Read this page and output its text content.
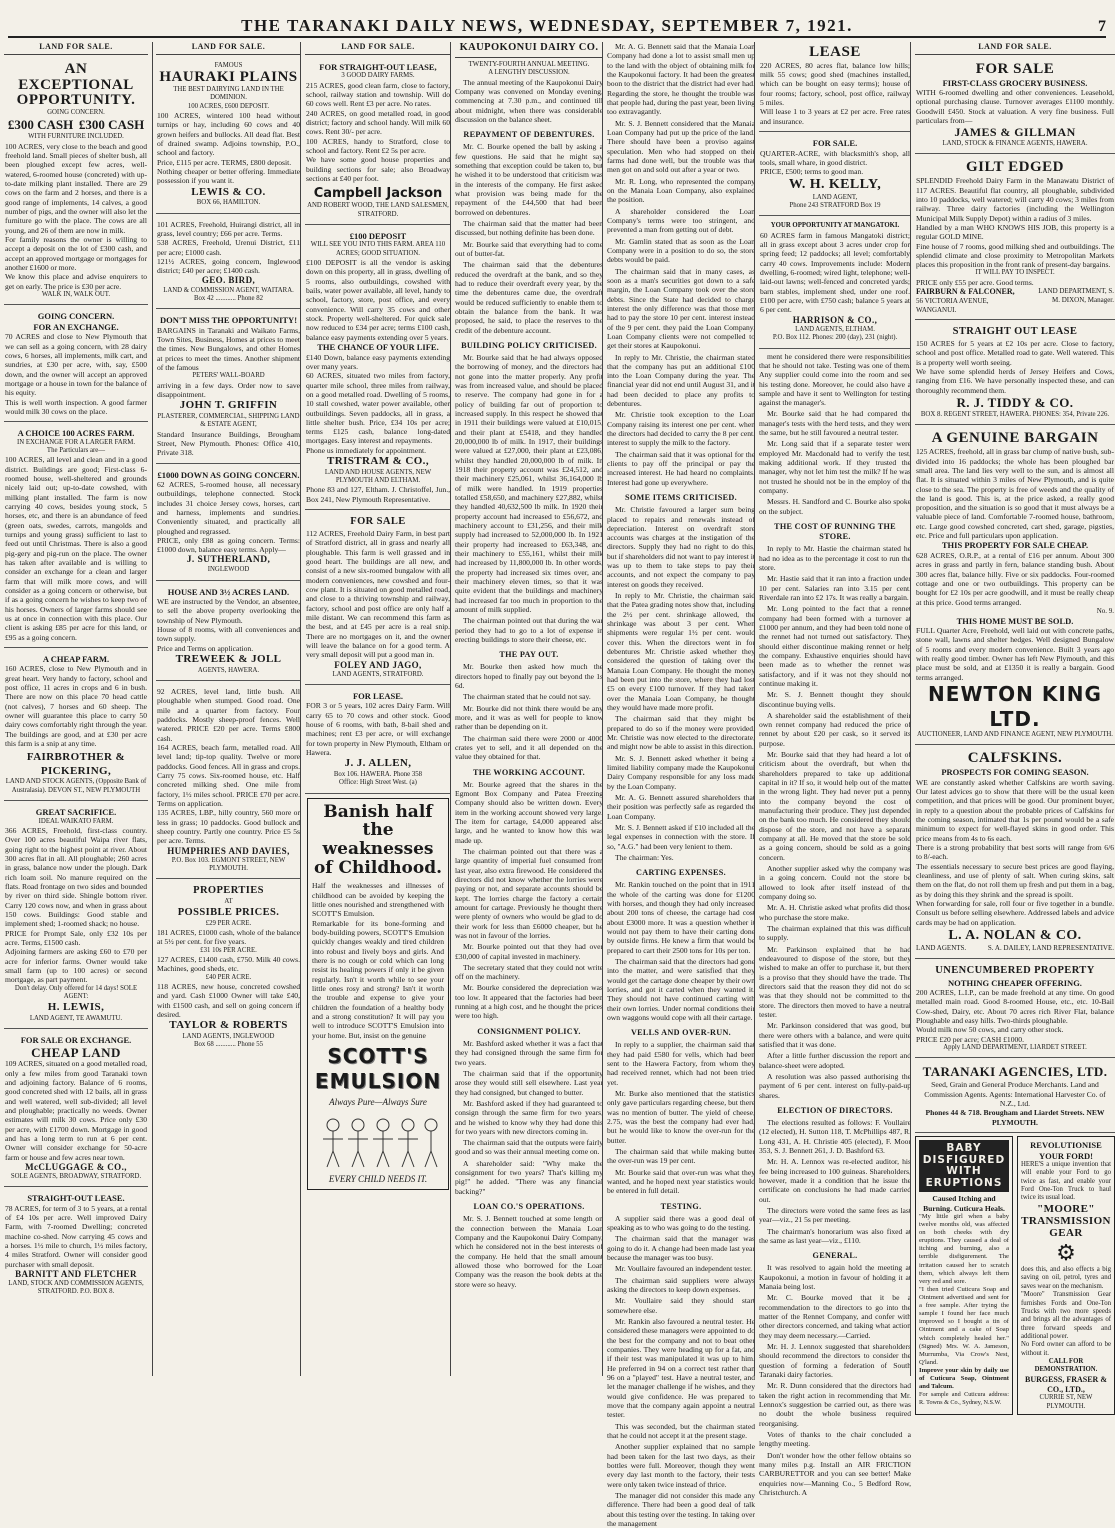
THE TARANAKI DAILY NEWS, WEDNESDAY, SEPTEMBER 7, 1921.	7
LAND FOR SALE.
AN EXCEPTIONAL OPPORTUNITY.
GOING CONCERN.
£300 CASH £300 CASH
WITH FURNITURE INCLUDED.
100 ACRES, very close to the beach and good freehold land. Small pieces of shelter bush, all been ploughed except few acres, well-watered, 6-roomed house (concreted) with up-to-date milking plant installed. There are 29 cows on the farm and 2 horses, and there is a good range of implements, 14 calves, a good number of pigs, and the owner will also let the furniture go with the place. The cows are all young, and 26 of them are now in milk.
For family reasons the owner is willing to accept a deposit on the lot of £300 cash, and accept an approved mortgage or mortgages for another £1600 or more.
We know this place and advise enquirers to get on early. The price is £30 per acre.
WALK IN, WALK OUT.
GOING CONCERN.
FOR AN EXCHANGE.
70 ACRES and close to New Plymouth that we can sell as a going concern, with 28 dairy cows, 6 horses, all implements, milk cart, and sundries, at £30 per acre, with, say, £500 down, and the owner will accept an approved mortgage or a house in town for the balance of his equity.
This is well worth inspection. A good farmer would milk 30 cows on the place.
A CHOICE 100 ACRES FARM.
IN EXCHANGE FOR A LARGER FARM.
The Particulars are—
100 ACRES, all level and clean and in a good district. Buildings are good; First-class 6-roomed house, well-sheltered and grounds nicely laid out; up-to-date cowshed, with milking plant installed. The farm is now carrying 40 cows, besides young stock, 5 horses, etc, and there is an abundance of feed (green oats, swedes, carrots, mangolds and turnips and young grass) sufficient to last to feed out until Christmas. There is also a good pig-gery and pig-run on the place. The owner has taken after available and is willing to consider an exchange for a clean and larger farm that will milk more cows, and will consider as a going concern or otherwise, but if as a going concern he wishes to keep two of his horses. Owners of larger farms should see us at once in connection with this place. Our client is asking £85 per acre for this land, or £95 as a going concern.
A CHEAP FARM.
160 ACRES, close to New Plymouth and in great heart. Very handy to factory, school and post office, 11 acres in crops and 6 in bush. There are now on this place 70 head cattle (not calves), 7 horses and 60 sheep. The owner will guarantee this place to carry 50 dairy cows comfortably right through the year. The buildings are good, and at £30 per acre this farm is a snip at any time.
FAIRBROTHER & PICKERING,
LAND AND STOCK AGENTS, (Opposite Bank of Australasia). DEVON ST., NEW PLYMOUTH
GREAT SACRIFICE.
IDEAL WAIKATO FARM.
366 ACRES, Freehold, first-class country. Over 100 acres beautiful Waipa river flats, going right to the highest point at river. About 300 acres flat in all. All ploughable; 260 acres in grass, balance now under the plough. Dark rich loam soil. No manure required on the flats. Road frontage on two sides and bounded by river on third side. Shingle bottom river. Carry 120 cows now, and when in grass about 150 cows. Buildings: Good stable and implement shed; 1-roomed shack; no house.
PRICE for Prompt Sale, only £32 10s per acre. Terms, £1500 cash.
Adjoining farmers are asking £60 to £70 per acre for inferior farms. Owner would take small farm (up to 100 acres) or second mortgage, as part payment.
Don't delay. Only offered for 14 days! SOLE AGENT:
H. LEWIS,
LAND AGENT, TE AWAMUTU.
FOR SALE OR EXCHANGE.
CHEAP LAND
109 ACRES, situated on a good metalled road, only a few miles from good Taranaki town and adjoining factory. Balance of 6 rooms, good concreted shed with 12 bails, all in grass and well watered, well sub-divided; all level and ploughable; practically no weeds. Owner estimates will milk 30 cows. Price only £30 per acre, with £1700 down. Mortgage in good and has a long term to run at 6 per cent. Owner will consider exchange for 50-acre farm or house and few acres near town.
McCLUGGAGE & CO.,
SOLE AGENTS, BROADWAY, STRATFORD.
STRAIGHT-OUT LEASE.
78 ACRES, for term of 3 to 5 years, at a rental of £4 10s per acre. Well improved Dairy Farm, with 7-roomed Dwelling; concreted machine co-shed. Now carrying 45 cows and a horses. 1½ mile to church, 1½ miles factory, 4 miles Stratford. Owner will consider good purchaser with small deposit.
BARNITT AND FLETCHER
LAND, STOCK AND COMMISSION AGENTS, STRATFORD. P.O. BOX 8.
LAND FOR SALE.
FAMOUS
HAURAKI PLAINS
THE BEST DAIRYING LAND IN THE DOMINION.
100 ACRES, £600 DEPOSIT.
100 ACRES, wintered 100 head without turnips or hay, including 60 cows and 40 grown heifers and bullocks. All dead flat. Best of drained swamp. Adjoins township, P.O., school and factory.
Price, £115 per acre. TERMS, £800 deposit.
Nothing cheaper or better offering. Immediate possession if you want it.
LEWIS & CO.
BOX 66, HAMILTON.
101 ACRES, Freehold, Huirangi district, all in grass, level country; £66 per acre. Terms.
538 ACRES, Freehold, Urenui District, £11 per acre; £1000 cash.
121½ ACRES, going concern, Inglewood district; £40 per acre; £1400 cash.
GEO. BIRD,
LAND & COMMISSION AGENT, WAITARA.
Box 42 ............ Phone 82
DON'T MISS THE OPPORTUNITY!
BARGAINS in Taranaki and Waikato Farms, Town Sites, Business, Homes at prices to meet the times. New Bungalows, and other Homes at prices to meet the times. Another shipment of the famous
PETERS' WALL-BOARD
arriving in a few days. Order now to save disappointment.
JOHN T. GRIFFIN
PLASTERER, COMMERCIAL, SHIPPING LAND & ESTATE AGENT,
Standard Insurance Buildings, Brougham Street, New Plymouth. Phones: Office 410, Private 318.
£1000 DOWN AS GOING CONCERN.
62 ACRES, 5-roomed house, all necessary outbuildings, telephone connected. Stock includes 31 choice Jersey cows, horses, cart and harness, implements and sundries. Conveniently situated, and practically all ploughed and regrassed.
PRICE, only £88 as going concern. Terms: £1000 down, balance easy terms. Apply—
J. SUTHERLAND,
INGLEWOOD
HOUSE AND 3½ ACRES LAND.
WE are instructed by the Vendor, an absentee, to sell the above property overlooking the township of New Plymouth.
House of 8 rooms, with all conveniences and town supply.
Price and Terms on application.
TREWEEK & JOLL
AGENTS, HAWERA.
92 ACRES, level land, little bush. All ploughable when stumped. Good road. One mile and a quarter from factory. Four paddocks. Mostly sheep-proof fences. Well watered. PRICE £20 per acre. Terms £800 cash.
164 ACRES, beach farm, metalled road. All level land; tip-top quality. Twelve or more paddocks. Good fences. All in grass and crops. Carry 75 cows. Six-roomed house, etc. Half concreted milking shed. One mile from factory, 1½ miles school. PRICE £70 per acre. Terms on application.
135 ACRES, LBP., hilly country, 560 more or less in grass; 10 paddocks. Good bullock and sheep country. Partly one country. Price £5 5s per acre. Terms.
HUMPHRIES AND DAVIES,
P.O. Box 103. EGMONT STREET, NEW PLYMOUTH.
PROPERTIES
AT
POSSIBLE PRICES.
£29 PER ACRE.
181 ACRES, £1000 cash, whole of the balance at 5½ per cent. for five years.
£31 10s PER ACRE.
127 ACRES, £1400 cash, £750. Milk 40 cows. Machines, good sheds, etc.
£40 PER ACRE.
118 ACRES, new house, concreted cowshed and yard. Cash £1000 Owner will take £40, with £1500 cash, and sell on going concern if desired.
TAYLOR & ROBERTS
LAND AGENTS, INGLEWOOD
Box 68 ............ Phone 55
LAND FOR SALE.
FOR STRAIGHT-OUT LEASE,
3 GOOD DAIRY FARMS.
215 ACRES, good clean farm, close to factory, school, railway station and township. Will do 60 cows well. Rent £3 per acre. No rates.
240 ACRES, on good metalled road, in good district; factory and school handy. Will milk 60 cows. Rent 30/- per acre.
100 ACRES, handy to Stratford, close to school and factory. Rent £2 5s per acre.
We have some good house properties and building sections for sale; also Broadway sections at £40 per foot.
Campbell Jackson
AND ROBERT WOOD, THE LAND SALESMEN, STRATFORD.
£100 DEPOSIT
WILL SEE YOU INTO THIS FARM. AREA 110 ACRES; GOOD SITUATION.
£100 DEPOSIT is all the vendor is asking down on this property, all in grass, dwelling of 5 rooms, also outbuildings, cowshed with bails, water power available, all level, handy to school, factory, store, post office, and every convenience. Will carry 35 cows and other stock. Property well-sheltered. For quick sale now reduced to £34 per acre; terms £100 cash, balance easy payments extending over 5 years.
THE CHANCE OF YOUR LIFE.
£140 Down, balance easy payments extending over many years.
60 ACRES, situated two miles from factory, quarter mile school, three miles from railway, on a good metalled road. Dwelling of 5 rooms, 10 stall cowshed, water power available, other outbuildings. Seven paddocks, all in grass, a little shelter bush. Price, £34 10s per acre; terms £125 cash, balance long-dated mortgages. Easy interest and repayments.
Phone us immediately for appointment.
TRISTRAM & CO.,
LAND AND HOUSE AGENTS, NEW PLYMOUTH AND ELTHAM.
Phone 83 and 127, Eltham. J. Christoffel, Jun., Box 241, New Plymouth Representative.
FOR SALE
112 ACRES, Freehold Dairy Farm, in best part of Stratford district, all in grass and nearly all ploughable. This farm is well grassed and in good heart. The buildings are all new, and consist of a new six-roomed bungalow with all modern conveniences, new cowshed and four-cow plant. It is situated on good metalled road, and close to a thriving township and railway, factory, school and post office are only half a mile distant. We can recommend this farm as the best, and at £45 per acre is a real snip. There are no mortgages on it, and the owner will leave the balance on for a good term. A very small deposit will put a good man in.
FOLEY AND JAGO,
LAND AGENTS, STRATFORD.
FOR LEASE.
FOR 3 or 5 years, 102 acres Dairy Farm. Will carry 65 to 70 cows and other stock. Good house of 6 rooms, with bath, 8-bail shed and machines; rent £3 per acre, or will exchange for town property in New Plymouth, Eltham or Hawera.
J. J. ALLEN,
Box 106. HAWERA. Phone 358
Office: High Street West. (a)
Banish half the weaknesses of Childhood.
Half the weaknesses and illnesses of childhood can be avoided by keeping the little ones nourished and strengthened with SCOTT'S Emulsion.
Remarkable for its bone-forming and body-building powers, SCOTT'S Emulsion quickly changes weakly and tired children into robust and lively boys and girls. And there is no cough or cold which can long resist its healing powers if only it be given regularly. Isn't it worth while to see your little ones rosy and strong? Isn't it worth the trouble and expense to give your children the foundation of a healthy body and a strong constitution? It will pay you well to introduce SCOTT'S Emulsion into your home. But, insist on the genuine
SCOTT'S EMULSION
Always Pure—Always Sure
EVERY CHILD NEEDS IT.
KAUPOKONUI DAIRY CO.
TWENTY-FOURTH ANNUAL MEETING.
A LENGTHY DISCUSSION.

The annual meeting of the Kaupokonui Dairy Company was convened on Monday evening, commencing at 7.30 p.m., and continued till about midnight, when there was considerable discussion on the balance sheet.

REPAYMENT OF DEBENTURES.

Mr. C. Bourke opened the ball by asking a few questions. He said that he might say something that exception could be taken to, but he wished it to be understood that criticism was in the interests of the company. He first asked what provision was being made for the repayment of the £44,500 that had been borrowed on debentures.

The chairman said that the matter had been discussed, but nothing definite has been done.

Mr. Bourke said that everything had to come out of butter-fat.

The chairman said that the debentures reduced the overdraft at the bank, and so they had to reduce their overdraft every year, by the time the debentures came due, the overdraft would be reduced sufficiently to enable them to obtain the balance from the bank. It was proposed, he said, to place the reserves to the credit of the debenture account.

BUILDING POLICY CRITICISED.

Mr. Bourke said that he had always opposed the borrowing of money, and the directors had not gone into the matter properly. Any profit was from increased value, and should be placed to reserve. The company had gone in for a policy of building far out of proportion to increased supply. In this respect he showed that in 1911 their buildings were valued at £10,015, and their plant at £5418, and they handled 20,000,000 lb of milk. In 1917, their buildings were valued at £27,000, their plant at £23,086, whilst they handled 20,000,000 lb of milk. In 1918 their property account was £24,512, and their machinery £25,061, whilst 36,164,000 lb of milk were handled. In 1919 properties totalled £58,650, and machinery £27,882, whilst they handled 40,632,500 lb milk. In 1920 their property account had increased to £56,672, and machinery account to £31,256, and their milk supply had increased to 52,000,000 lb. In 1921 their property had increased to £63,348, and their machinery to £55,161, whilst their milk had increased by 11,800,000 lb. In other words, the property had increased six times over, and their machinery eleven times, so that it was quite evident that the buildings and machinery had increased far too much in proportion to the amount of milk supplied.

The chairman pointed out that during the war period they had to go to a lot of expense in erecting buildings to store their cheese, etc.

THE PAY OUT.

Mr. Bourke then asked how much the directors hoped to finally pay out beyond the 1s 6d.

The chairman stated that he could not say.

Mr. Bourke did not think there would be any more, and it was as well for people to know rather than be depending on it.

The chairman said there were 2000 or 4000 crates yet to sell, and it all depended on the value they obtained for that.

THE WORKING ACCOUNT.

Mr. Bourke agreed that the shares in the Egmont Box Company and Patea Freezing Company should also be written down. Every item in the working account showed very large. The item for cartage, £4,000 appeared also large, and he wanted to know how this was made up.

The chairman pointed out that there was a large quantity of imperial fuel consumed from last year, also extra firewood. He considered the directors did not know whether the lorries were paying or not, and separate accounts should be kept. The lorries charge the factory a certain amount for cartage. Previously he thought there were plenty of owners who would be glad to do their work for less than £6000 cheaper, but he was not in favour of the lorries.

Mr. Bourke pointed out that they had over £30,000 of capital invested in machinery.

The secretary stated that they could not write off on the machinery.

Mr. Bourke considered the depreciation was too low. It appeared that the factories had been running at a high cost, and he thought the prices were too high.

CONSIGNMENT POLICY.

Mr. Bashford asked whether it was a fact that they had consigned through the same firm for two years.

The chairman said that if the opportunity arose they would still sell elsewhere. Last year they had consigned, but changed to butter.

Mr. Bashford asked if they had guaranteed to consign through the same firm for two years, and he wished to know why they had done this for two years with new directors coming in.

The chairman said that the outputs were fairly good and so was their annual meeting come on.

A shareholder said: "Why make the consignment for two years? That's killing my pig!" he added. "There was any financial backing?"

LOAN CO.'S OPERATIONS.

Mr. S. J. Bennett touched at some length on the connection between the Manaia Loan Company and the Kaupokonui Dairy Company, which he considered not in the best interests of the company. He held that the small amount allowed those who borrowed for the Loan Company was the reason the book debts at the store were so heavy.

Mr. A. G. Bennett said that the Manaia Loan Company had done a lot to assist small men up to the land with the object of obtaining milk for the Kaupokonui factory. It had been the greatest boon to the district that the district had ever had. Regarding the store, he thought the trouble was that people had, during the past year, been living too extravagantly.

Mr. S. J. Bennett considered that the Manaia Loan Company had put up the price of the land. There should have been a proviso against speculation. Men who had stopped on their farms had done well, but the trouble was that men got on and sold out after a year or two.

Mr. R. Long, who represented the company on the Manaia Loan Company, also explained the position.

A shareholder considered the Loan Company's terms were too stringent, and prevented a man from getting out of debt.

Mr. Gamlin stated that as soon as the Loan Company were in a position to do so, the store debts would be paid.

The chairman said that in many cases, as soon as a man's securities got down to a safe margin, the Loan Company took over the store debts. Since the State had decided to charge interest the only difference was that those men had to pay the store 10 per cent. interest instead of the 9 per cent. they paid the Loan Company. Loan Company clients were not compelled to get their stores at Kaupokonui.

In reply to Mr. Christie, the chairman stated that the company has put an additional £100 into the Loan Company during the year. The financial year did not end until August 31, and it had been decided to place any profits to debentures.

Mr. Christie took exception to the Loan Company raising its interest one per cent. when the directors had decided to carry the 8 per cent. interest to supply the milk to the factory.

The chairman said that it was optional for the clients to pay off the principal or pay the increased interest. He had heard no complaints. Interest had gone up everywhere.

SOME ITEMS CRITICISED.

Mr. Christie favoured a larger sum being placed to repairs and renewals instead of depreciation. Interest on overdraft store accounts was charges at the instigation of the directors. Supply they had no right to do this, but if shareholders did not want to pay interest it was up to them to take steps to pay their accounts, and not expect the company to pay interest on goods they received.

In reply to Mr. Christie, the chairman said that the Patea grading notes show that, including the 2½ per cent. shrinkage allowed, the shrinkage was about 3 per cent. When shipments were regular 1½ per cent. would cover this. When the directors went in for debentures Mr. Christie asked whether they considered the question of taking over the Manaia Loan Company. He thought the money had been put into the store, where they had lost £5 on every £100 turnover. If they had taken over the Manaia Loan Company, he thought they would have made more profit.

The chairman said that they might be prepared to do so if the money were provided. Mr. Christie was now elected to the directorate, and might now be able to assist in this direction.

Mr. S. J. Bennett asked whether it being a limited liability company made the Kaupokonui Dairy Company responsible for any loss made by the Loan Company.

Mr. A. G. Bennett assured shareholders that their position was perfectly safe as regarded the Loan Company.

Mr. S. J. Bennett asked if £10 included all the legal expenses in connection with the store. If so, "A.G." had been very lenient to them.

The chairman: Yes.

CARTING EXPENSES.

Mr. Rankin touched on the point that in 1911 the whole of the carting was done for £1200 with horses, and though they had only increased about 200 tons of cheese, the cartage had cost about £3000 more. It was a question whether it would not pay them to have their carting done by outside firms. He knew a firm that would be prepared to cart their 2500 tons for 10s per ton.

The chairman said that the directors had gone into the matter, and were satisfied that they would get the cartage done cheaper by their own lorries, and got it carted when they wanted it. They should not have continued carting with their own lorries. Under normal conditions their own waggons would cope with all their cartage.

VELLS AND OVER-RUN.

In reply to a supplier, the chairman said that they had paid £580 for vells, which had been sent to the Hawera Factory, from whom they had received rennet, which had not been tried yet.

Mr. Burke also mentioned that the statistics only gave particulars regarding cheese, but there was no mention of butter. The yield of cheese, 2.75, was the best the company had ever had, but he would like to know the over-run for the butter.

The chairman said that while making butter the over-run was 19 per cent.

Mr. Bourke said that over-run was what they wanted, and he hoped next year statistics would be entered in full detail.

TESTING.

A supplier said there was a good deal of speaking as to who was going to do the testing.

The chairman said that the manager was going to do it. A change had been made last year because the manager was too busy.

Mr. Voullaire favoured an independent tester.

The chairman said suppliers were always asking the directors to keep down expenses.

Mr. Voullaire said they should start somewhere else.

Mr. Rankin also favoured a neutral tester. He considered these managers were appointed to do the best for the company and not to beat other companies. They were heading up for a fat, and if their test was manipulated it was up to him. He preferred in 94 on a correct test rather than 96 on a "played" test. Have a neutral tester, and let the manager challenge if he wishes, and they would give confidence. He was prepared to move that the company again appoint a neutral tester.

This was seconded, but the chairman stated that he could not accept it at the present stage.

Another supplier explained that no sample had been taken for the last two days, as their bottles were full. Moreover, though they went every day last month to the factory, their tests were only taken twice instead of thrice.

The manager did not consider this made any difference. There had been a good deal of talk about this testing over the testing. In taking over the management

LEASE
220 ACRES, 80 acres flat, balance low hills; milk 55 cows; good shed (machines installed, which can be bought on easy terms); house of four rooms; factory, school, post office, railway 5 miles.
Will lease 1 to 3 years at £2 per acre. Free rates and insurance.
FOR SALE.
QUARTER-ACRE, with blacksmith's shop, all tools, small whare, in good district.
PRICE, £500; terms to good man.
W. H. KELLY,
LAND AGENT,
Phone 243 STRATFORD Box 19
YOUR OPPORTUNITY AT MANGATOKI.
60 ACRES farm in famous Mangatoki district; all in grass except about 3 acres under crop for spring feed; 12 paddocks; all level; comfortably carry 40 cows. Improvements include: Modern dwelling, 6-roomed; wired light, telephone; well-laid-out lawns; well-fenced and concreted yards; barn stables, implement shed, under one roof. £100 per acre, with £750 cash; balance 5 years at 6 per cent.
HARRISON & CO.,
LAND AGENTS, ELTHAM.
P.O. Box 112. Phones: 200 (day), 231 (night).

ment he considered there were responsibilities that he should not take. Testing was one of them. Any supplier could come into the room and see his testing done. Moreover, he could also have a sample and have it sent to Wellington for testing against the manager's.

Mr. Bourke said that he had compared the manager's tests with the herd tests, and they were the same, but he still favoured a neutral tester.

Mr. Long said that if a separate tester were employed Mr. Macdonald had to verify the test, making additional work. If they trusted the manager, why not let him test the milk? If he was not trusted he should not be in the employ of the company.

Messrs. H. Sandford and C. Bourke also spoke on the subject.

THE COST OF RUNNING THE STORE.

In reply to Mr. Hastie the chairman stated he had no idea as to the percentage it cost to run the store.

Mr. Hastie said that it ran into a fraction under 10 per cent. Salaries ran into 3.15 per cent. Riverdale ran into £2 17s. It was really a bargain.

Mr. Long pointed to the fact that a rennet company had been formed with a turnover at £1000 per annum, and they had been told none of the rennet had not turned out satisfactory. They should either discontinue making rennet or help the company. Exhaustive enquiries should have been made as to whether the rennet was satisfactory, and if it was not they should not continue making it.

Mr. S. J. Bennett thought they should discontinue buying vells.

A shareholder said the establishment of their own rennet company had reduced the price of rennet by about £20 per cask, so it served its purpose.

Mr. Bourke said that they had heard a lot of criticism about the overdraft, but when the shareholders prepared to take up additional capital in it? If so, it would help out of the matter in the wrong light. They had never put a penny into the company beyond the cost of manufacturing their produce. They just depended on the bank too much. He considered they should dispose of the store, and not have a separate company at all. He moved that the store be sold as a going concern, should be sold as a going concern.

Another supplier asked why the company was in a going concern. Could not the store be allowed to look after itself instead of the company doing so.

Mr. A. H. Christie asked what profits did those who purchase the store make.

The chairman explained that this was difficult to supply.

Mr. Parkinson explained that he had endeavoured to dispose of the store, but they wished to make an offer to purchase it, but there is a proviso that they should have the trade. The directors said that the reason they did not do so was that they should not be committed to the store. The directors then moved to have a neutral tester.

Mr. Parkinson considered that was good, but there were others with a balance, and were quite satisfied that it was done.

After a little further discussion the report and balance-sheet were adopted.

A resolution was also passed authorising the payment of 6 per cent. interest on fully-paid-up shares.

ELECTION OF DIRECTORS.

The elections resulted as follows: F. Voullaire (12 elected), H. Sutton 118, T. McPhillips 487, R. Long 431, A. H. Christie 405 (elected), F. Moor 353, S. J. Bennett 261, J. D. Bashford 63.

Mr. H. A. Lennox was re-elected auditor, his fee being increased to 100 guineas. Shareholders, however, made it a condition that he issue the certificate on conclusions he had made carried out.

The directors were voted the same fees as last year—viz., 21 5s per meeting.

The chairman's honorarium was also fixed at the same as last year—viz., £110.

GENERAL.

It was resolved to again hold the meeting at Kaupokonui, a motion in favour of holding it at Manaia being lost.

Mr. C. Bourke moved that it be a recommendation to the directors to go into the matter of the Rennet Company, and confer with other directors concerned, and taking what action they may deem necessary.—Carried.

Mr. H. J. Lennox suggested that shareholders should recommend the directors to consider the question of forming a federation of South Taranaki dairy factories.

Mr. R. Dunn considered that the directors had taken the right action in recommending that Mr. Lennox's suggestion be carried out, as there was no doubt the whole business required reorganising.

Votes of thanks to the chair concluded a lengthy meeting.

Don't wonder how the other fellow obtains so many miles p.g. Install an AIR FRICTION CARBURETTOR and you can see better! Make enquiries now—Manning Co., 5 Bedford Row, Christchurch. A

LAND FOR SALE.
FOR SALE
FIRST-CLASS GROCERY BUSINESS.
WITH 6-roomed dwelling and other conveniences. Leasehold, optional purchasing clause. Turnover averages £1100 monthly. Goodwill £450. Stock at valuation. A very fine business. Full particulars from—
JAMES & GILLMAN
LAND, STOCK & FINANCE AGENTS, HAWERA.
GILT EDGED
SPLENDID Freehold Dairy Farm in the Manawatu District of 117 ACRES. Beautiful flat country, all ploughable, subdivided into 10 paddocks, well watered; will carry 40 cows; 3 miles from railway. Three dairy factories (including the Wellington Municipal Milk Supply Depot) within a radius of 3 miles.
Handled by a man WHO KNOWS HIS JOB, this property is a regular GOLD MINE.
Fine house of 7 rooms, good milking shed and outbuildings. The splendid climate and close proximity to Metropolitan Markets places this proposition in the front rank of present-day bargains.
IT WILL PAY TO INSPECT.
PRICE only £55 per acre. Good terms.
FAIRBURN & FALCONER,
56 VICTORIA AVENUE, WANGANUI.
LAND DEPARTMENT, S. M. DIXON, Manager.
STRAIGHT OUT LEASE
150 ACRES for 5 years at £2 10s per acre. Close to factory, school and post office. Metalled road to gate. Well watered. This is a property well worth seeing.
We have some splendid herds of Jersey Heifers and Cows, ranging from £16. We have personally inspected these, and can thoroughly recommend them.
R. J. TIDDY & CO.
BOX 8. REGENT STREET, HAWERA. PHONES: 354, Private 226.
A GENUINE BARGAIN
125 ACRES, freehold, all in grass bar clump of native bush, sub-divided into 16 paddocks; the whole has been ploughed bar small area. The land lies very well to the sun, and is almost all flat. It is situated within 3 miles of New Plymouth, and is quite close to the sea. The property is free of weeds and the quality of the land is good. This is, at the price asked, a really good proposition, and the situation is so good that it must always be a valuable piece of land. Comfortable 7-roomed house, bathroom, etc. Large good cowshed concreted, cart shed, garage, pigsties, etc. Price and full particulars upon application.
THIS PROPERTY FOR SALE CHEAP.
628 ACRES, O.R.P., at a rental of £16 per annum. About 300 acres in grass and partly in fern, balance standing bush. About 300 acres flat, balance hilly. Five or six paddocks. Four-roomed cottage and one or two outbuildings. This property can be bought for £2 10s per acre goodwill, and it must be really cheap at this price. Good terms arranged.
No. 9.
THIS HOME MUST BE SOLD.
FULL Quarter Acre, Freehold, well laid out with concrete paths, stone wall, lawns and shelter hedges. Well designed Bungalow of 5 rooms and every modern convenience. Built 3 years ago with really good timber. Owner has left New Plymouth, and this place must be sold, and at £1350 it is really a bargain. Good terms arranged.
NEWTON KING LTD.
AUCTIONEER, LAND AND FINANCE AGENT, NEW PLYMOUTH.
CALFSKINS.
PROSPECTS FOR COMING SEASON.
WE are constantly asked whether Calfskins are worth saving. Our latest advices go to show that there will be the usual keen competition, and that prices will be good. Our prominent buyer, in reply to a question about the probable prices of Calfskins for the coming season, intimated that 1s per pound would be a safe minimum to expect for well-flayed skins in good order. This price means from 4s to 6s each.
There is a strong probability that best sorts will range from 6/6 to 8/-each.
The essentials necessary to secure best prices are good flaying, cleanliness, and use of plenty of salt. When curing skins, salt them on the flat, do not roll them up fresh and put them in a bag, as by doing this they shrink and the spread is spoilt.
When forwarding for sale, roll four or five together in a bundle. Consult us before selling elsewhere. Addressed labels and advice cards may be had on application.
L. A. NOLAN & CO.
LAND AGENTS.	S. A. DAILEY, LAND REPRESENTATIVE.
UNENCUMBERED PROPERTY
NOTHING CHEAPER OFFERING.
200 ACRES, L.I.P., can be made freehold at any time. On good metalled main road. Good 8-roomed House, etc., etc. 10-Bail Cow-shed, Dairy, etc. About 70 acres rich River Flat, balance Ploughable and easy hills. Two-thirds ploughable.
Would milk now 50 cows, and carry other stock.
PRICE £20 per acre; CASH £1000.
Apply LAND DEPARTMENT, LIARDET STREET.
TARANAKI AGENCIES, LTD.
Seed, Grain and General Produce Merchants. Land and Commission Agents. Agents: International Harvester Co. of N.Z., Ltd.
Phones 44 & 718. Brougham and Liardet Streets. NEW PLYMOUTH.
BABY DISFIGURED WITH ERUPTIONS
Caused Itching and Burning. Cuticura Heals.
"My little girl when a baby twelve months old, was affected on both cheeks with dry eruptions. They caused a deal of itching and burning, also a terrible disfigurement. The irritation caused her to scratch them, which always left them very red and sore.
"I then tried Cuticura Soap and Ointment advertised and sent for a free sample. After trying the sample I found her face much improved so I bought a tin of Ointment and a cake of Soap which completely healed her." (Signed) Mrs. W. A. Jameson, Murrumba, Via Crow's Nest, Q'land.
Improve your skin by daily use of Cuticura Soap, Ointment and Talcum.
For sample and Cuticura address: R. Towns & Co., Sydney, N.S.W.
REVOLUTIONISE YOUR FORD!
HERE'S a unique invention that will enable your Ford to go twice as fast, and enable your Ford One-Ton Truck to haul twice its usual load.
"MOORE" TRANSMISSION GEAR
⚙
does this, and also effects a big saving on oil, petrol, tyres and saves wear on the mechanism.
"Moore" Transmission Gear furnishes Fords and One-Ton Trucks with two more speeds and brings all the advantages of three forward speeds and additional power.
No Ford owner can afford to be without it.
CALL FOR DEMONSTRATION.
BURGESS, FRASER & CO., LTD.,
CURRIE ST, NEW PLYMOUTH.
